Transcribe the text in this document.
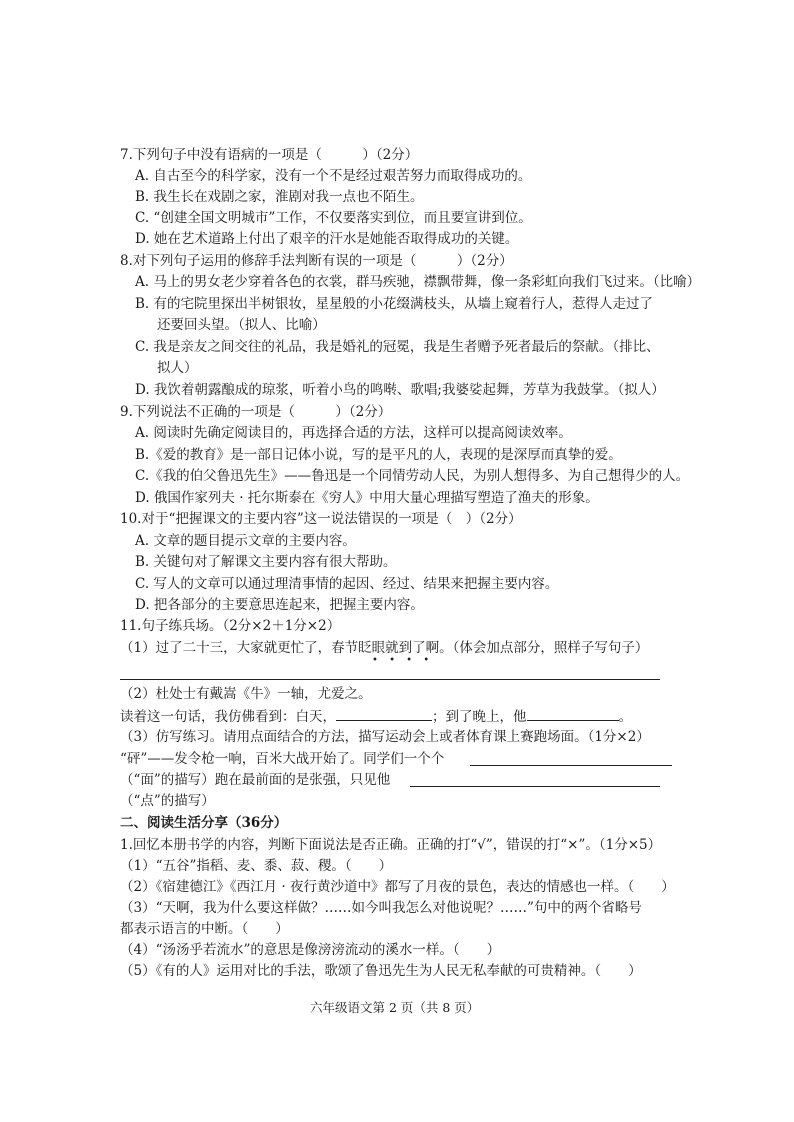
7.下列句子中没有语病的一项是（　　　）（2分）
A. 自古至今的科学家，没有一个不是经过艰苦努力而取得成功的。
B. 我生长在戏剧之家，淮剧对我一点也不陌生。
C. “创建全国文明城市”工作，不仅要落实到位，而且要宣讲到位。
D. 她在艺术道路上付出了艰辛的汗水是她能否取得成功的关键。
8.对下列句子运用的修辞手法判断有误的一项是（　　　）（2分）
A. 马上的男女老少穿着各色的衣裳，群马疾驰，襟飘带舞，像一条彩虹向我们飞过来。（比喻）
B. 有的宅院里探出半树银妆，星星般的小花缀满枝头，从墙上窥着行人，惹得人走过了
还要回头望。（拟人、比喻）
C. 我是亲友之间交往的礼品，我是婚礼的冠冕，我是生者赠予死者最后的祭献。（排比、
拟人）
D. 我饮着朝露酿成的琼浆，听着小鸟的鸣啭、歌唱;我婆娑起舞，芳草为我鼓掌。（拟人）
9.下列说法不正确的一项是（　　　）（2分）
A. 阅读时先确定阅读目的，再选择合适的方法，这样可以提高阅读效率。
B.《爱的教育》是一部日记体小说，写的是平凡的人，表现的是深厚而真挚的爱。
C.《我的伯父鲁迅先生》——鲁迅是一个同情劳动人民，为别人想得多、为自己想得少的人。
D. 俄国作家列夫 · 托尔斯泰在《穷人》中用大量心理描写塑造了渔夫的形象。
10.对于“把握课文的主要内容”这一说法错误的一项是（　）（2分）
A. 文章的题目提示文章的主要内容。
B. 关键句对了解课文主要内容有很大帮助。
C. 写人的文章可以通过理清事情的起因、经过、结果来把握主要内容。
D. 把各部分的主要意思连起来，把握主要内容。
11.句子练兵场。（2分×2＋1分×2）
（1）过了二十三，大家就更忙了，春节眨眼就到了啊。（体会加点部分，照样子写句子）
• • • •
（2）杜处士有戴嵩《牛》一轴，尤爱之。
读着这一句话，我仿佛看到：白天，	；到了晚上，他	。
（3）仿写练习。请用点面结合的方法，描写运动会上或者体育课上赛跑场面。（1分×2）
“砰”——发令枪一响，百米大战开始了。同学们一个个
（“面”的描写）跑在最前面的是张强，只见他
（“点”的描写）
二、阅读生活分享（36分）
1.回忆本册书学的内容，判断下面说法是否正确。正确的打“√”，错误的打“×”。（1分×5）
（1）“五谷”指稻、麦、黍、菽、稷。（　　）
（2）《宿建德江》《西江月 · 夜行黄沙道中》都写了月夜的景色，表达的情感也一样。（　　）
（3）“天啊，我为什么要这样做？……如今叫我怎么对他说呢？……”句中的两个省略号
都表示语言的中断。（　　）
（4）“汤汤乎若流水”的意思是像滂滂流动的溪水一样。（　　）
（5）《有的人》运用对比的手法，歌颂了鲁迅先生为人民无私奉献的可贵精神。（　　）
六年级语文第 2 页（共 8 页）
